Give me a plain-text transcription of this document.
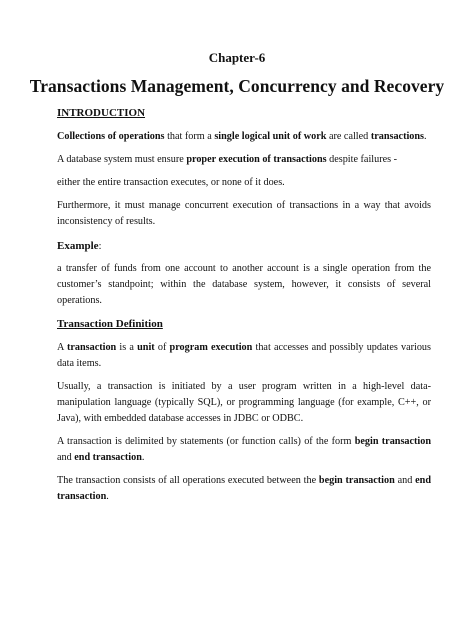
Chapter-6
Transactions Management, Concurrency and Recovery

INTRODUCTION

Collections of operations that form a single logical unit of work are called transactions.

A database system must ensure proper execution of transactions despite failures -

either the entire transaction executes, or none of it does.

Furthermore, it must manage concurrent execution of transactions in a way that avoids inconsistency of results.

Example:

a transfer of funds from one account to another account is a single operation from the customer’s standpoint; within the database system, however, it consists of several operations.

Transaction Definition

A transaction is a unit of program execution that accesses and possibly updates various data items.

Usually, a transaction is initiated by a user program written in a high-level data-manipulation language (typically SQL), or programming language (for example, C++, or Java), with embedded database accesses in JDBC or ODBC.

A transaction is delimited by statements (or function calls) of the form begin transaction and end transaction.

The transaction consists of all operations executed between the begin transaction and end transaction.
